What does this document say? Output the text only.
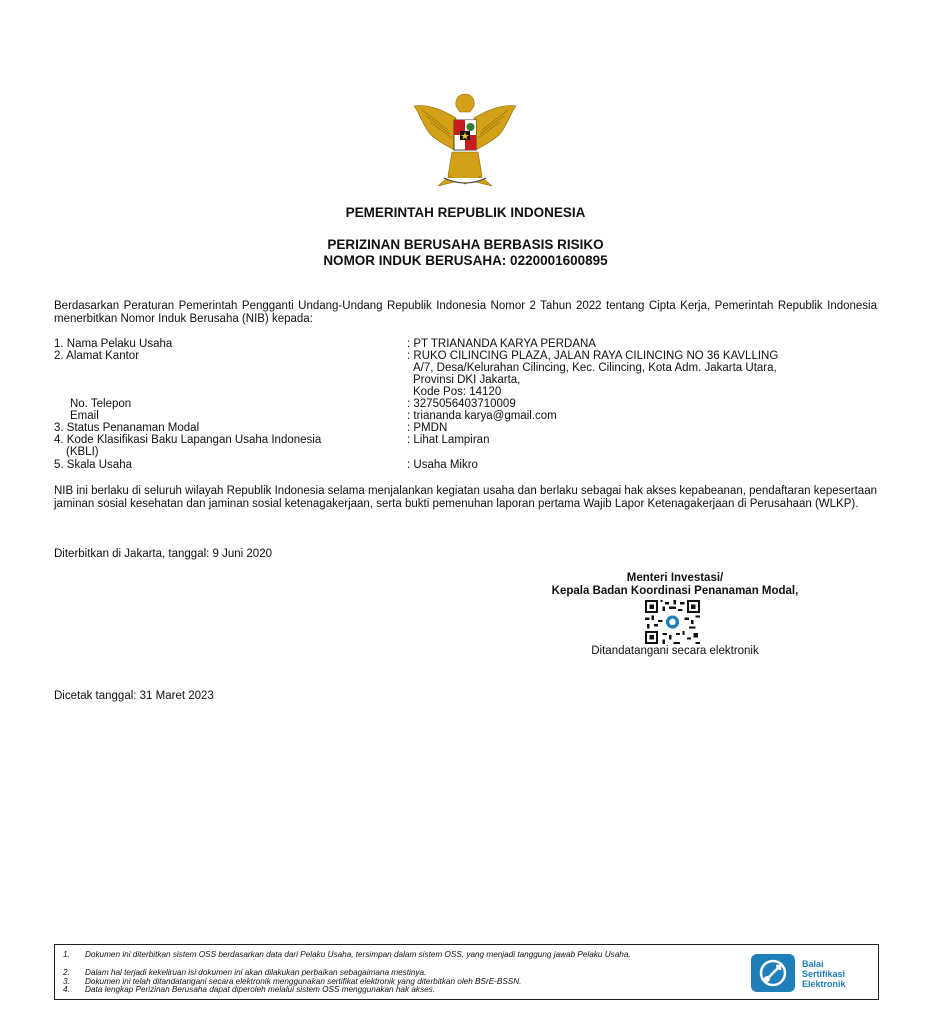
PEMERINTAH REPUBLIK INDONESIA
PERIZINAN BERUSAHA BERBASIS RISIKO
NOMOR INDUK BERUSAHA: 0220001600895
Berdasarkan Peraturan Pemerintah Pengganti Undang-Undang Republik Indonesia Nomor 2 Tahun 2022 tentang Cipta Kerja, Pemerintah Republik Indonesia menerbitkan Nomor Induk Berusaha (NIB) kepada:
1. Nama Pelaku Usaha	: PT TRIANANDA KARYA PERDANA
2. Alamat Kantor	: RUKO CILINCING PLAZA, JALAN RAYA CILINCING NO 36 KAVLLING
A/7, Desa/Kelurahan Cilincing, Kec. Cilincing, Kota Adm. Jakarta Utara,
Provinsi DKI Jakarta,
Kode Pos: 14120
No. Telepon	: 3275056403710009
Email	: triananda karya@gmail.com
3. Status Penanaman Modal	: PMDN
4. Kode Klasifikasi Baku Lapangan Usaha Indonesia
(KBLI)
: Lihat Lampiran
5. Skala Usaha	: Usaha Mikro
NIB ini berlaku di seluruh wilayah Republik Indonesia selama menjalankan kegiatan usaha dan berlaku sebagai hak akses kepabeanan, pendaftaran kepesertaan jaminan sosial kesehatan dan jaminan sosial ketenagakerjaan, serta bukti pemenuhan laporan pertama Wajib Lapor Ketenagakerjaan di Perusahaan (WLKP).
Diterbitkan di Jakarta, tanggal: 9 Juni 2020
Menteri Investasi/
Kepala Badan Koordinasi Penanaman Modal,
Ditandatangani secara elektronik
Dicetak tanggal: 31 Maret 2023
1. Dokumen ini diterbitkan sistem OSS berdasarkan data dari Pelaku Usaha, tersimpan dalam sistem OSS, yang menjadi tanggung jawab Pelaku Usaha.
2. Dalam hal terjadi kekeliruan isi dokumen ini akan dilakukan perbaikan sebagaimana mestinya.
3. Dokumen ini telah ditandatangani secara elektronik menggunakan sertifikat elektronik yang diterbitkan oleh BSrE-BSSN.
4. Data lengkap Perizinan Berusaha dapat diperoleh melalui sistem OSS menggunakan hak akses.
Balai
Sertifikasi
Elektronik
